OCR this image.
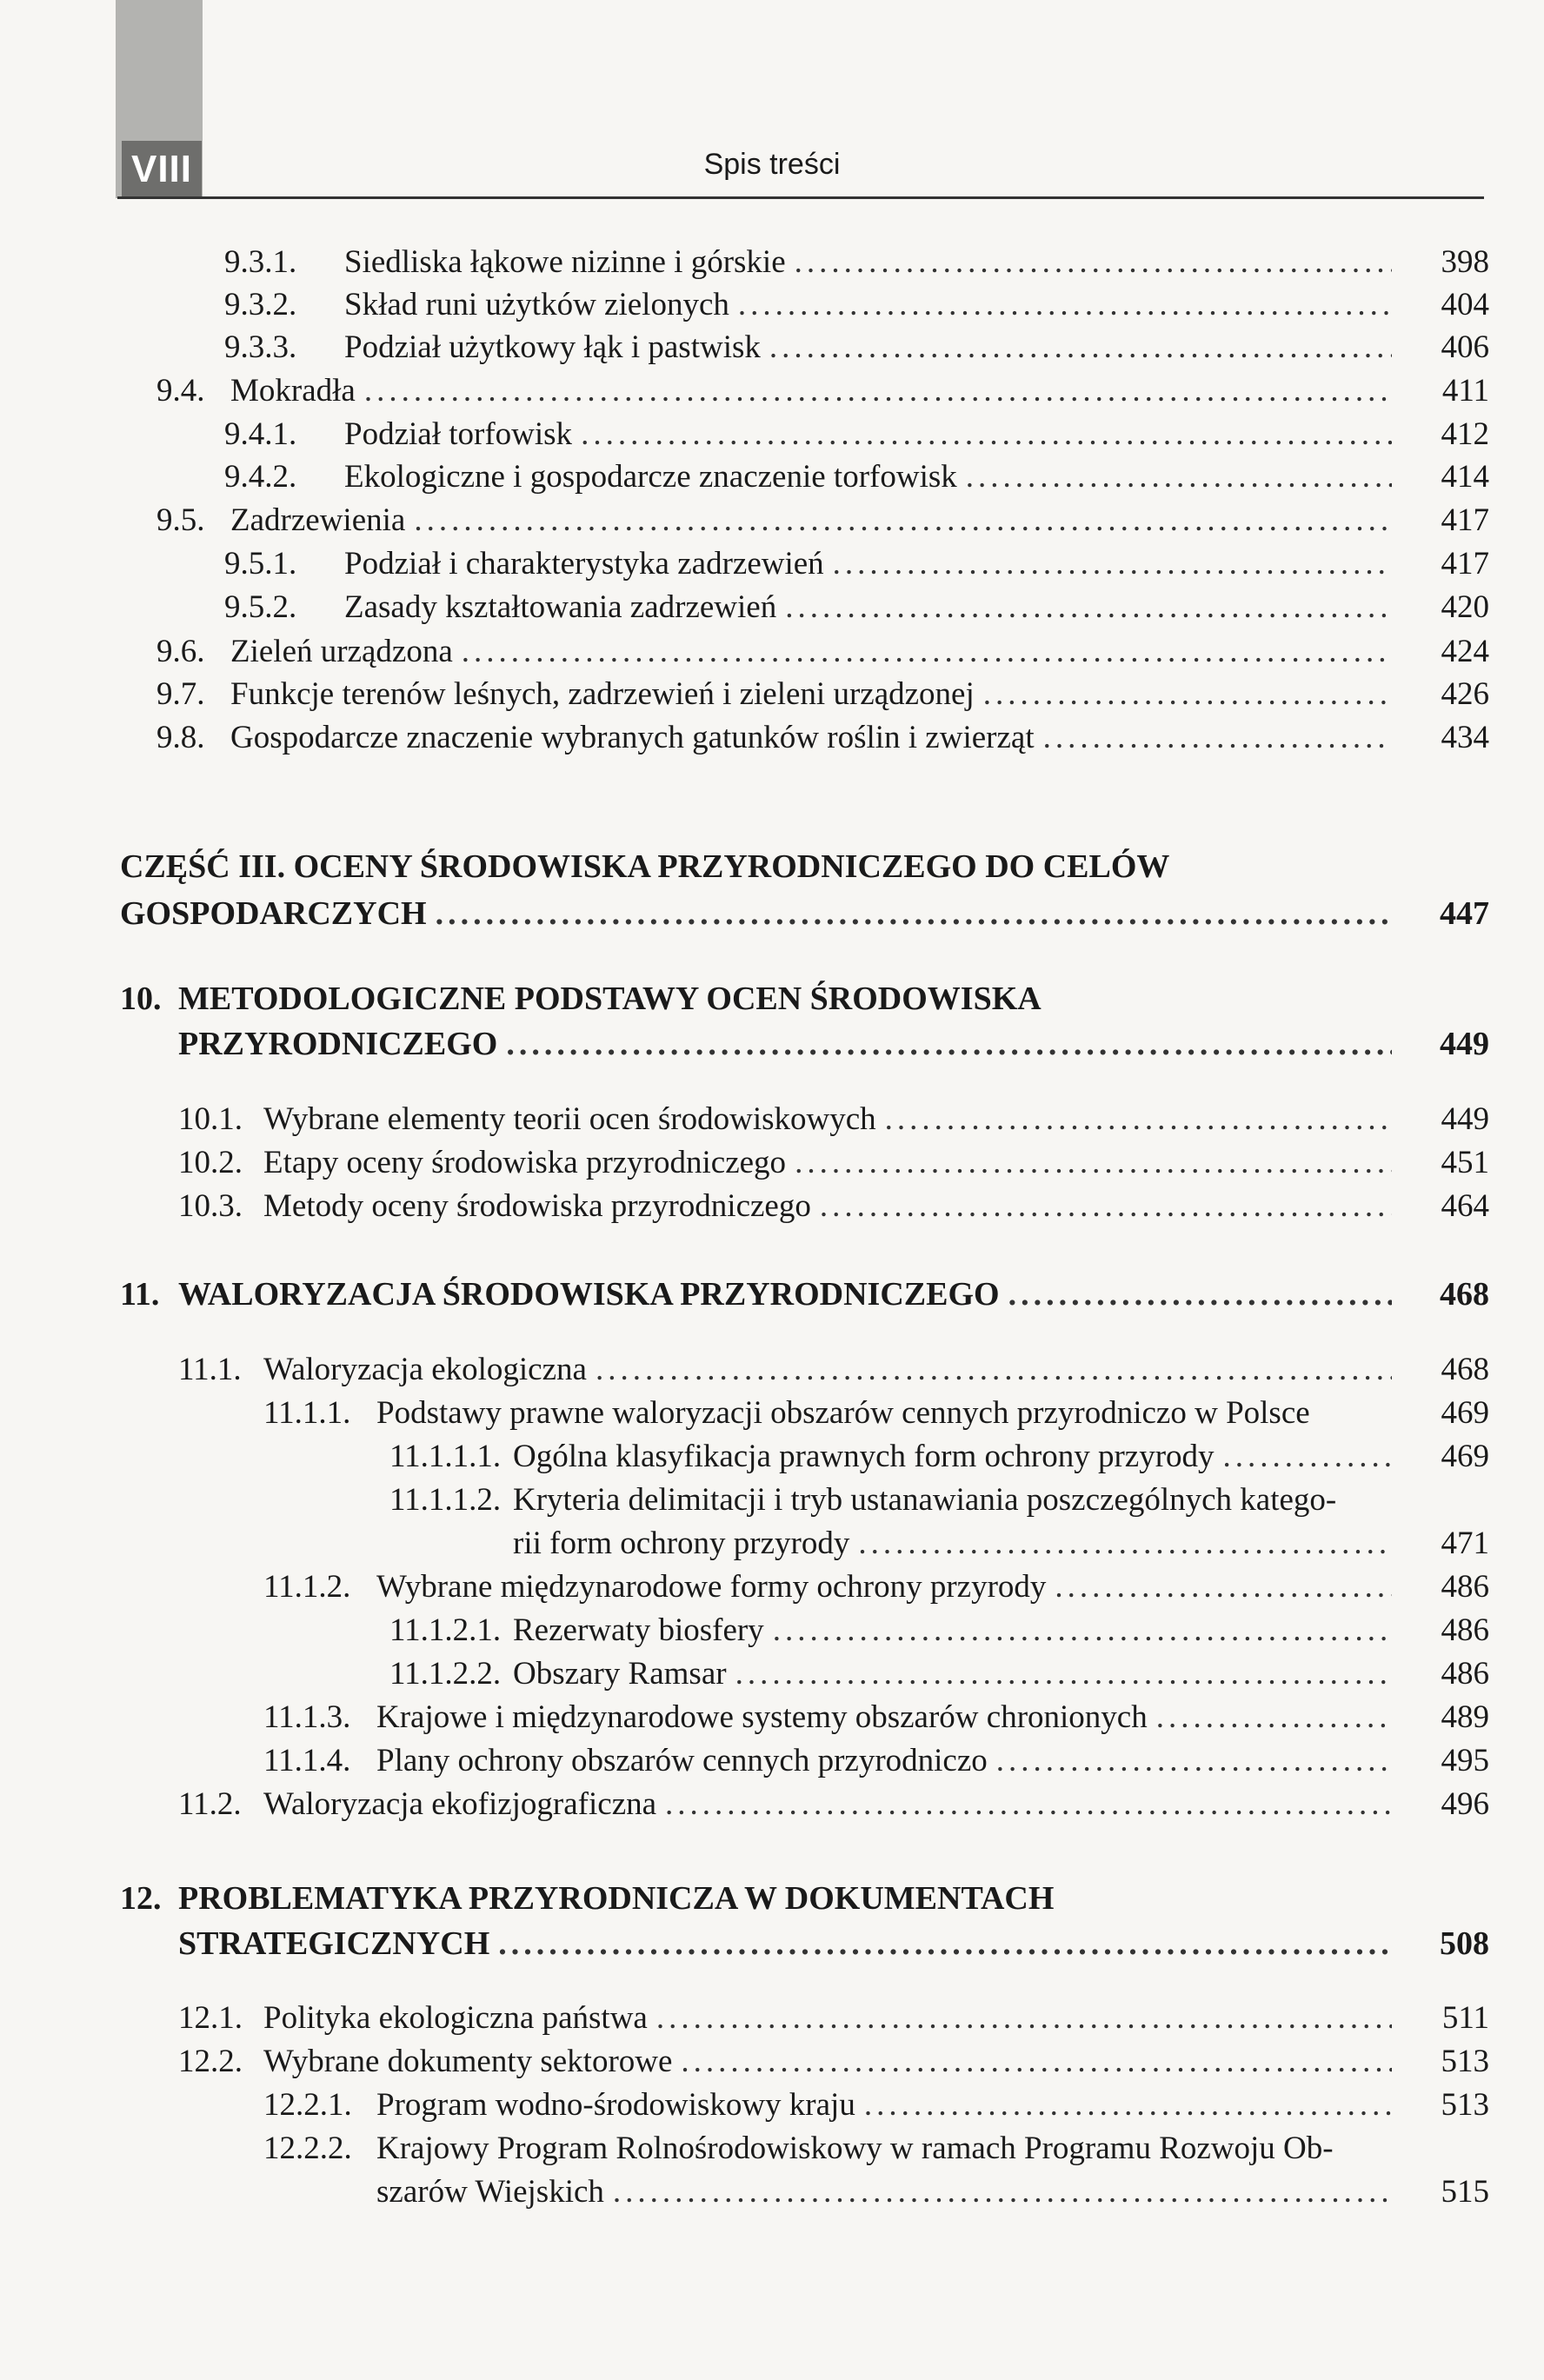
VIII	Spis treści
9.3.1. Siedliska łąkowe nizinne i górskie .....	398
9.3.2. Skład runi użytków zielonych .....	404
9.3.3. Podział użytkowy łąk i pastwisk .....	406
9.4. Mokradła .....	411
9.4.1. Podział torfowisk .....	412
9.4.2. Ekologiczne i gospodarcze znaczenie torfowisk .....	414
9.5. Zadrzewienia .....	417
9.5.1. Podział i charakterystyka zadrzewień .....	417
9.5.2. Zasady kształtowania zadrzewień .....	420
9.6. Zieleń urządzona .....	424
9.7. Funkcje terenów leśnych, zadrzewień i zieleni urządzonej .....	426
9.8. Gospodarcze znaczenie wybranych gatunków roślin i zwierząt .....	434
CZĘŚĆ III. OCENY ŚRODOWISKA PRZYRODNICZEGO DO CELÓW
GOSPODARCZYCH .....	447
10. METODOLOGICZNE PODSTAWY OCEN ŚRODOWISKA
PRZYRODNICZEGO .....	449
10.1. Wybrane elementy teorii ocen środowiskowych .....	449
10.2. Etapy oceny środowiska przyrodniczego .....	451
10.3. Metody oceny środowiska przyrodniczego .....	464
11. WALORYZACJA ŚRODOWISKA PRZYRODNICZEGO .....	468
11.1. Waloryzacja ekologiczna .....	468
11.1.1. Podstawy prawne waloryzacji obszarów cennych przyrodniczo w Polsce	469
11.1.1.1. Ogólna klasyfikacja prawnych form ochrony przyrody .....	469
11.1.1.2. Kryteria delimitacji i tryb ustanawiania poszczególnych katego-
rii form ochrony przyrody .....	471
11.1.2. Wybrane międzynarodowe formy ochrony przyrody .....	486
11.1.2.1. Rezerwaty biosfery .....	486
11.1.2.2. Obszary Ramsar .....	486
11.1.3. Krajowe i międzynarodowe systemy obszarów chronionych .....	489
11.1.4. Plany ochrony obszarów cennych przyrodniczo .....	495
11.2. Waloryzacja ekofizjograficzna .....	496
12. PROBLEMATYKA PRZYRODNICZA W DOKUMENTACH
STRATEGICZNYCH .....	508
12.1. Polityka ekologiczna państwa .....	511
12.2. Wybrane dokumenty sektorowe .....	513
12.2.1. Program wodno-środowiskowy kraju .....	513
12.2.2. Krajowy Program Rolnośrodowiskowy w ramach Programu Rozwoju Ob-
szarów Wiejskich .....	515
